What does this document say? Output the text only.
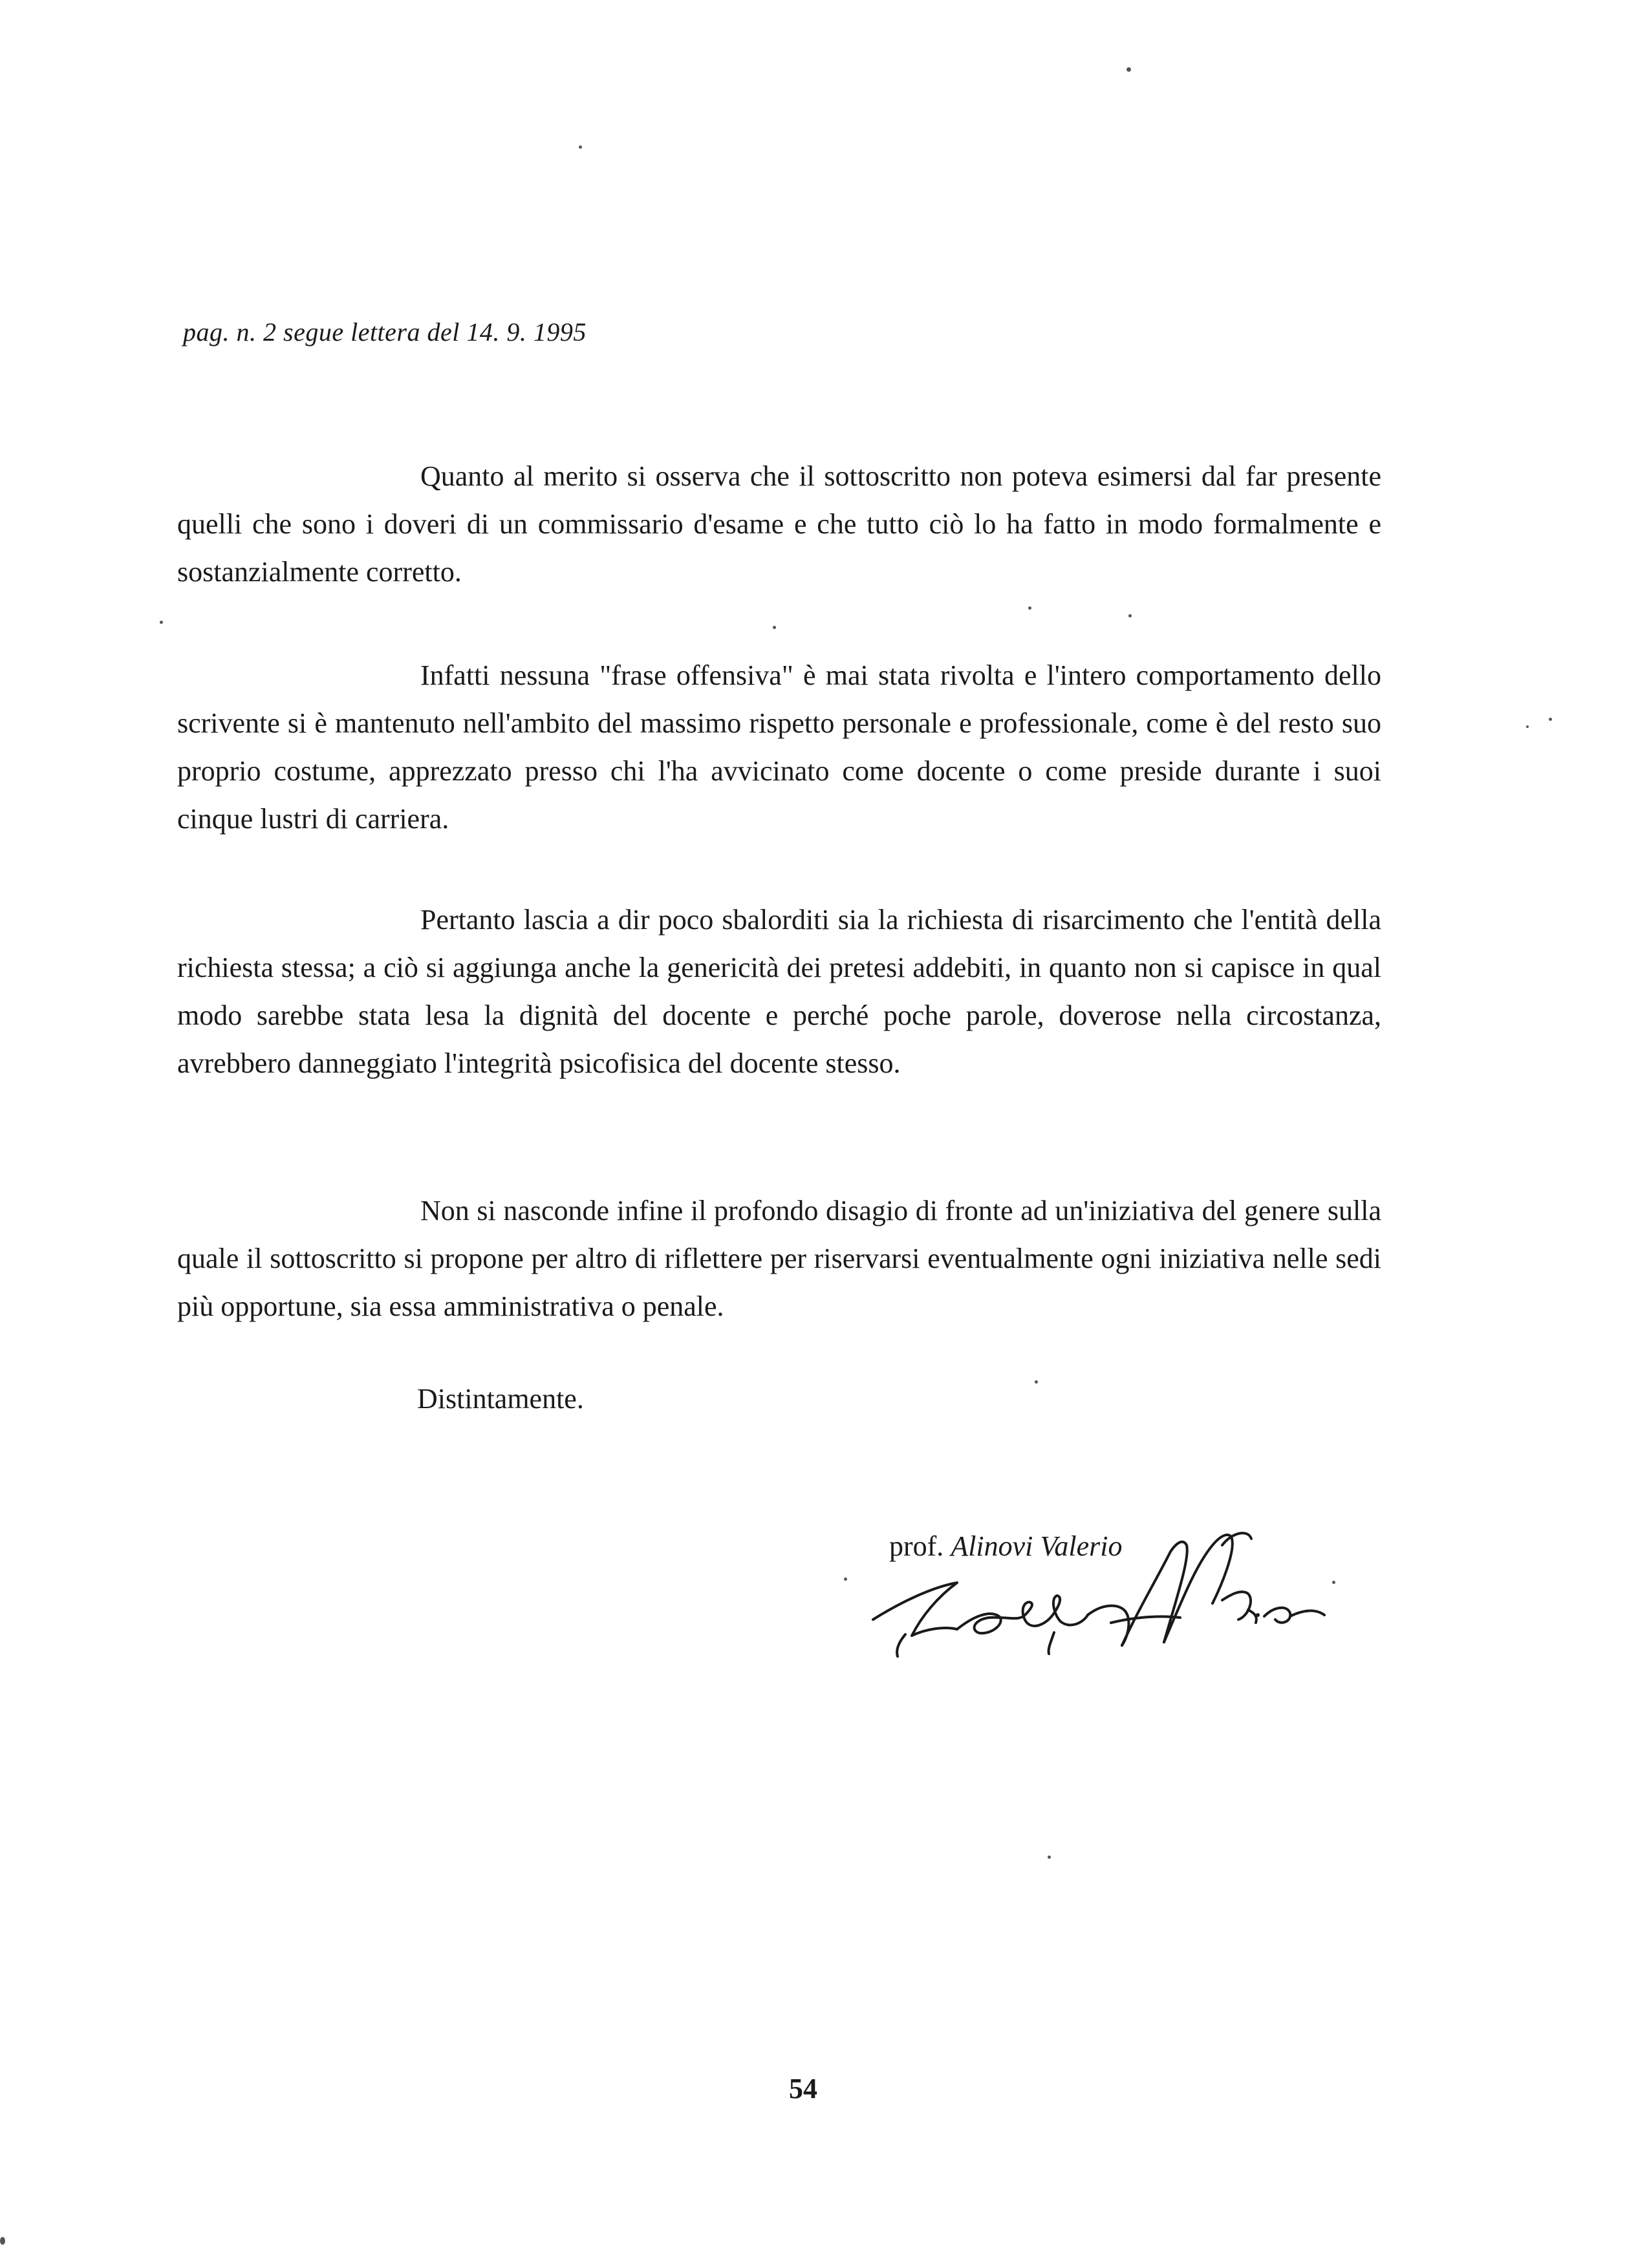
pag. n. 2 segue lettera del 14. 9. 1995

Quanto al merito si osserva che il sottoscritto non poteva esimersi dal far presente quelli che sono i doveri di un commissario d'esame e che tutto ciò lo ha fatto in modo formalmente e sostanzialmente corretto.

Infatti nessuna "frase offensiva" è mai stata rivolta e l'intero comportamento dello scrivente si è mantenuto nell'ambito del massimo rispetto personale e professionale, come è del resto suo proprio costume, apprezzato presso chi l'ha avvicinato come docente o come preside durante i suoi cinque lustri di carriera.

Pertanto lascia a dir poco sbalorditi sia la richiesta di risarcimento che l'entità della richiesta stessa; a ciò si aggiunga anche la genericità dei pretesi addebiti, in quanto non si capisce in qual modo sarebbe stata lesa la dignità del docente e perché poche parole, doverose nella circostanza, avrebbero danneggiato l'integrità psicofisica del docente stesso.

Non si nasconde infine il profondo disagio di fronte ad un'iniziativa del genere sulla quale il sottoscritto si propone per altro di riflettere per riservarsi eventualmente ogni iniziativa nelle sedi più opportune, sia essa amministrativa o penale.

Distintamente.
prof. Alinovi Valerio
54
